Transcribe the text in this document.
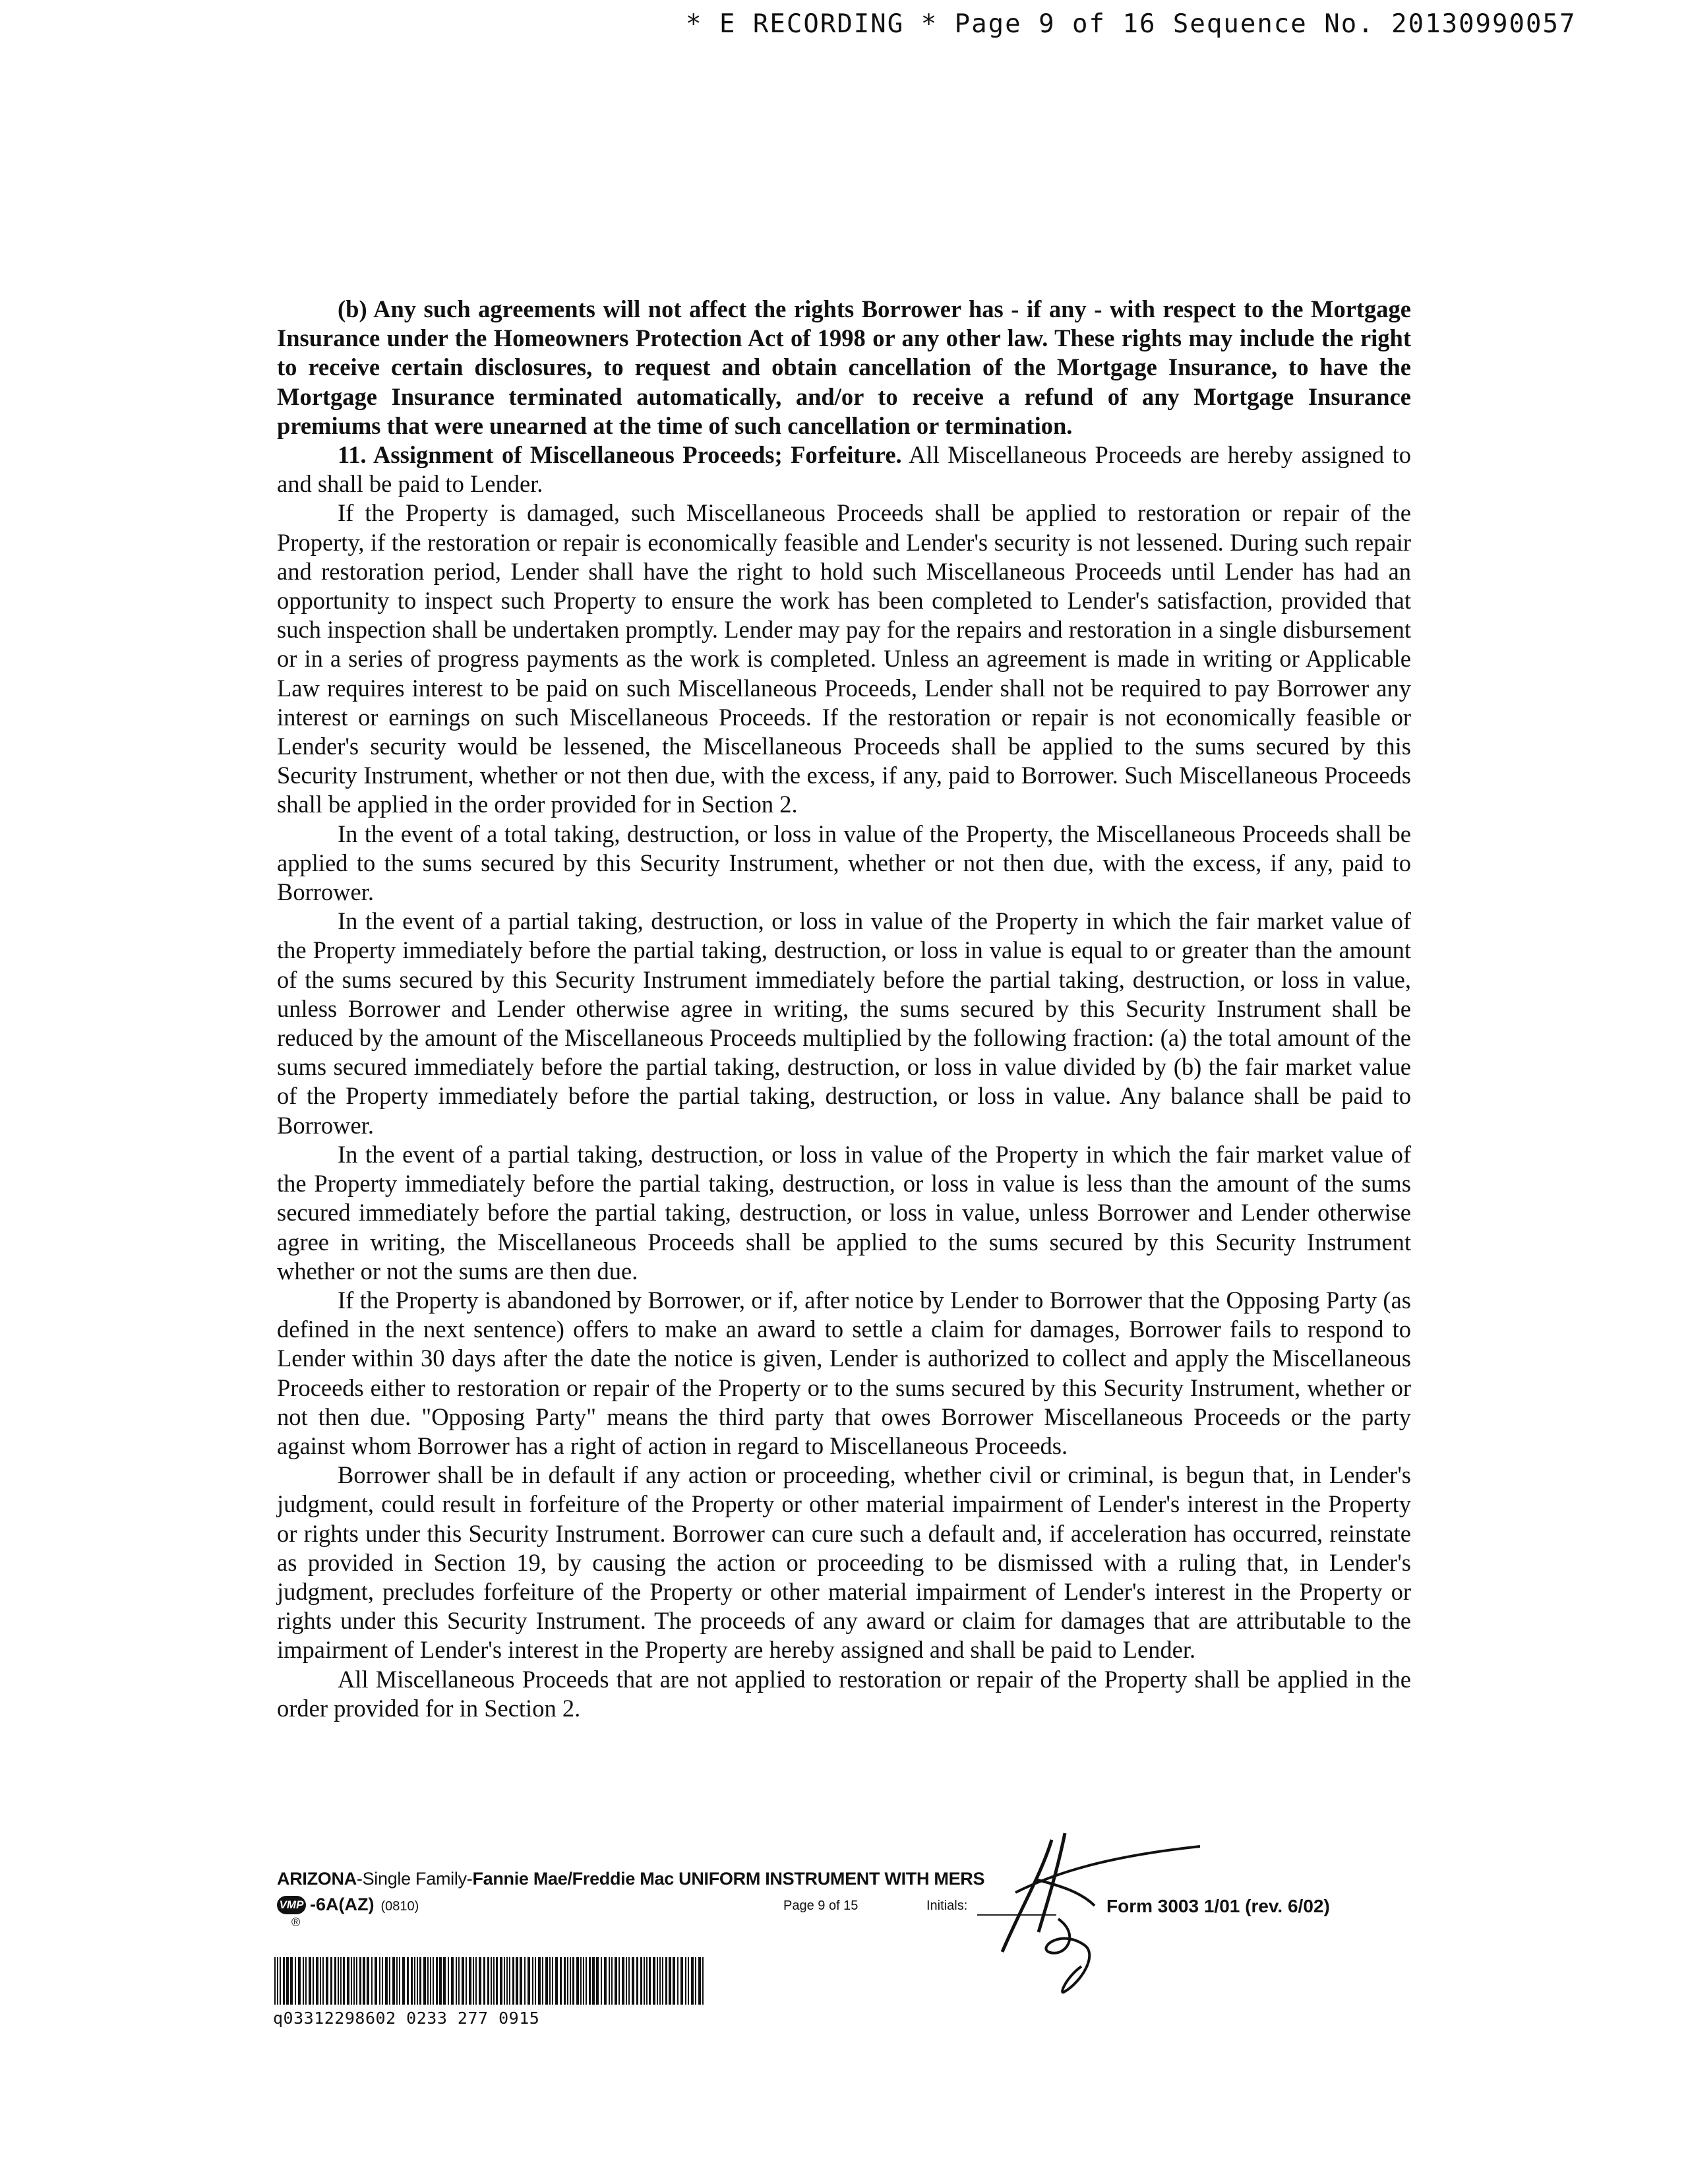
* E RECORDING * Page 9 of 16 Sequence No. 20130990057

(b) Any such agreements will not affect the rights Borrower has - if any - with respect to the Mortgage Insurance under the Homeowners Protection Act of 1998 or any other law. These rights may include the right to receive certain disclosures, to request and obtain cancellation of the Mortgage Insurance, to have the Mortgage Insurance terminated automatically, and/or to receive a refund of any Mortgage Insurance premiums that were unearned at the time of such cancellation or termination.

11. Assignment of Miscellaneous Proceeds; Forfeiture. All Miscellaneous Proceeds are hereby assigned to and shall be paid to Lender.

If the Property is damaged, such Miscellaneous Proceeds shall be applied to restoration or repair of the Property, if the restoration or repair is economically feasible and Lender's security is not lessened. During such repair and restoration period, Lender shall have the right to hold such Miscellaneous Proceeds until Lender has had an opportunity to inspect such Property to ensure the work has been completed to Lender's satisfaction, provided that such inspection shall be undertaken promptly. Lender may pay for the repairs and restoration in a single disbursement or in a series of progress payments as the work is completed. Unless an agreement is made in writing or Applicable Law requires interest to be paid on such Miscellaneous Proceeds, Lender shall not be required to pay Borrower any interest or earnings on such Miscellaneous Proceeds. If the restoration or repair is not economically feasible or Lender's security would be lessened, the Miscellaneous Proceeds shall be applied to the sums secured by this Security Instrument, whether or not then due, with the excess, if any, paid to Borrower. Such Miscellaneous Proceeds shall be applied in the order provided for in Section 2.

In the event of a total taking, destruction, or loss in value of the Property, the Miscellaneous Proceeds shall be applied to the sums secured by this Security Instrument, whether or not then due, with the excess, if any, paid to Borrower.

In the event of a partial taking, destruction, or loss in value of the Property in which the fair market value of the Property immediately before the partial taking, destruction, or loss in value is equal to or greater than the amount of the sums secured by this Security Instrument immediately before the partial taking, destruction, or loss in value, unless Borrower and Lender otherwise agree in writing, the sums secured by this Security Instrument shall be reduced by the amount of the Miscellaneous Proceeds multiplied by the following fraction: (a) the total amount of the sums secured immediately before the partial taking, destruction, or loss in value divided by (b) the fair market value of the Property immediately before the partial taking, destruction, or loss in value. Any balance shall be paid to Borrower.

In the event of a partial taking, destruction, or loss in value of the Property in which the fair market value of the Property immediately before the partial taking, destruction, or loss in value is less than the amount of the sums secured immediately before the partial taking, destruction, or loss in value, unless Borrower and Lender otherwise agree in writing, the Miscellaneous Proceeds shall be applied to the sums secured by this Security Instrument whether or not the sums are then due.

If the Property is abandoned by Borrower, or if, after notice by Lender to Borrower that the Opposing Party (as defined in the next sentence) offers to make an award to settle a claim for damages, Borrower fails to respond to Lender within 30 days after the date the notice is given, Lender is authorized to collect and apply the Miscellaneous Proceeds either to restoration or repair of the Property or to the sums secured by this Security Instrument, whether or not then due. "Opposing Party" means the third party that owes Borrower Miscellaneous Proceeds or the party against whom Borrower has a right of action in regard to Miscellaneous Proceeds.

Borrower shall be in default if any action or proceeding, whether civil or criminal, is begun that, in Lender's judgment, could result in forfeiture of the Property or other material impairment of Lender's interest in the Property or rights under this Security Instrument. Borrower can cure such a default and, if acceleration has occurred, reinstate as provided in Section 19, by causing the action or proceeding to be dismissed with a ruling that, in Lender's judgment, precludes forfeiture of the Property or other material impairment of Lender's interest in the Property or rights under this Security Instrument. The proceeds of any award or claim for damages that are attributable to the impairment of Lender's interest in the Property are hereby assigned and shall be paid to Lender.

All Miscellaneous Proceeds that are not applied to restoration or repair of the Property shall be applied in the order provided for in Section 2.

ARIZONA-Single Family-Fannie Mae/Freddie Mac UNIFORM INSTRUMENT WITH MERS
VMP
®
-6A(AZ) (0810)	Page 9 of 15	Initials:	Form 3003 1/01 (rev. 6/02)
q03312298602 0233 277 0915
